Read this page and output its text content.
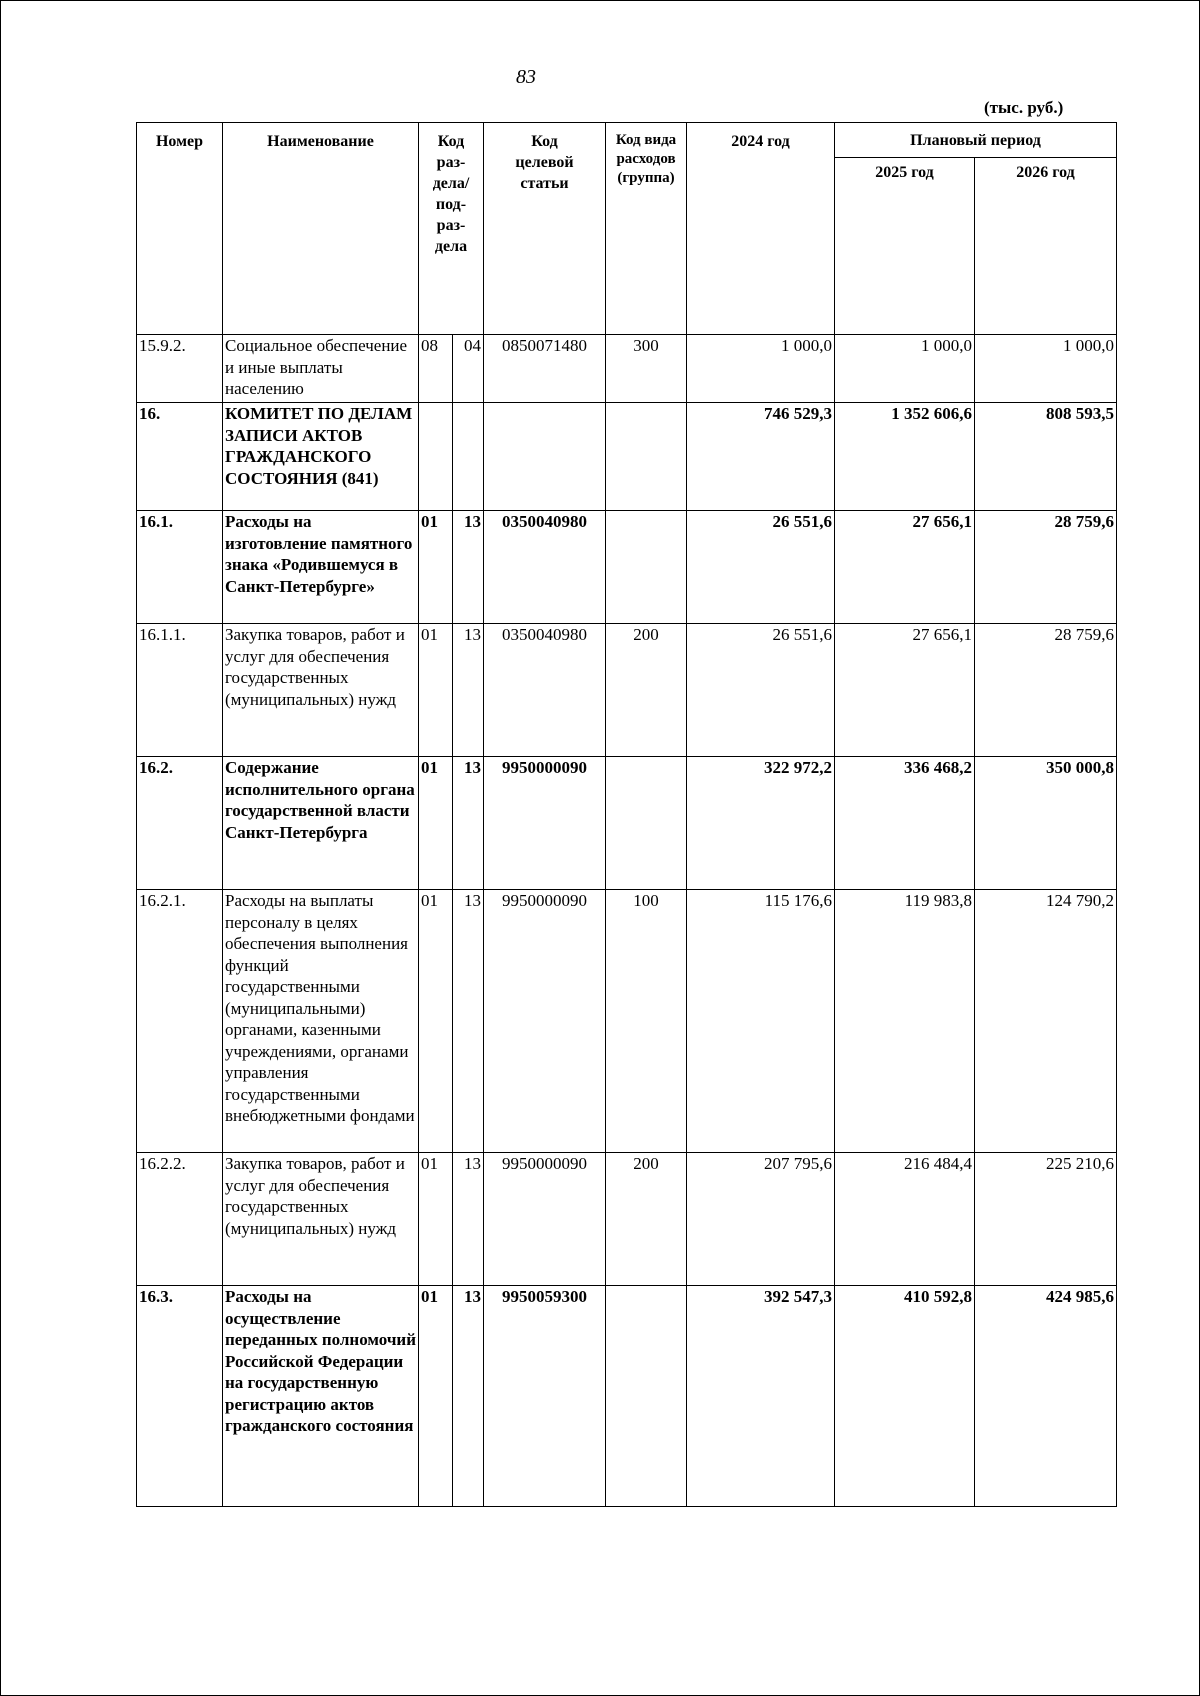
83
(тыс. руб.)
Номер	Наименование	Код раз-дела/ под-раз-дела		Код целевой статьи	Код вида расходов (группа)	2024 год	Плановый период	
							2025 год	2026 год
15.9.2.	Социальное обеспечение и иные выплаты населению	08	04	0850071480	300	1 000,0	1 000,0	1 000,0
16.	КОМИТЕТ ПО ДЕЛАМ ЗАПИСИ АКТОВ ГРАЖДАНСКОГО СОСТОЯНИЯ (841)					746 529,3	1 352 606,6	808 593,5
16.1.	Расходы на изготовление памятного знака «Родившемуся в Санкт-Петербурге»	01	13	0350040980		26 551,6	27 656,1	28 759,6
16.1.1.	Закупка товаров, работ и услуг для обеспечения государственных (муниципальных) нужд	01	13	0350040980	200	26 551,6	27 656,1	28 759,6
16.2.	Содержание исполнительного органа государственной власти Санкт-Петербурга	01	13	9950000090		322 972,2	336 468,2	350 000,8
16.2.1.	Расходы на выплаты персоналу в целях обеспечения выполнения функций государственными (муниципальными) органами, казенными учреждениями, органами управления государственными внебюджетными фондами	01	13	9950000090	100	115 176,6	119 983,8	124 790,2
16.2.2.	Закупка товаров, работ и услуг для обеспечения государственных (муниципальных) нужд	01	13	9950000090	200	207 795,6	216 484,4	225 210,6
16.3.	Расходы на осуществление переданных полномочий Российской Федерации на государственную регистрацию актов гражданского состояния	01	13	9950059300		392 547,3	410 592,8	424 985,6
